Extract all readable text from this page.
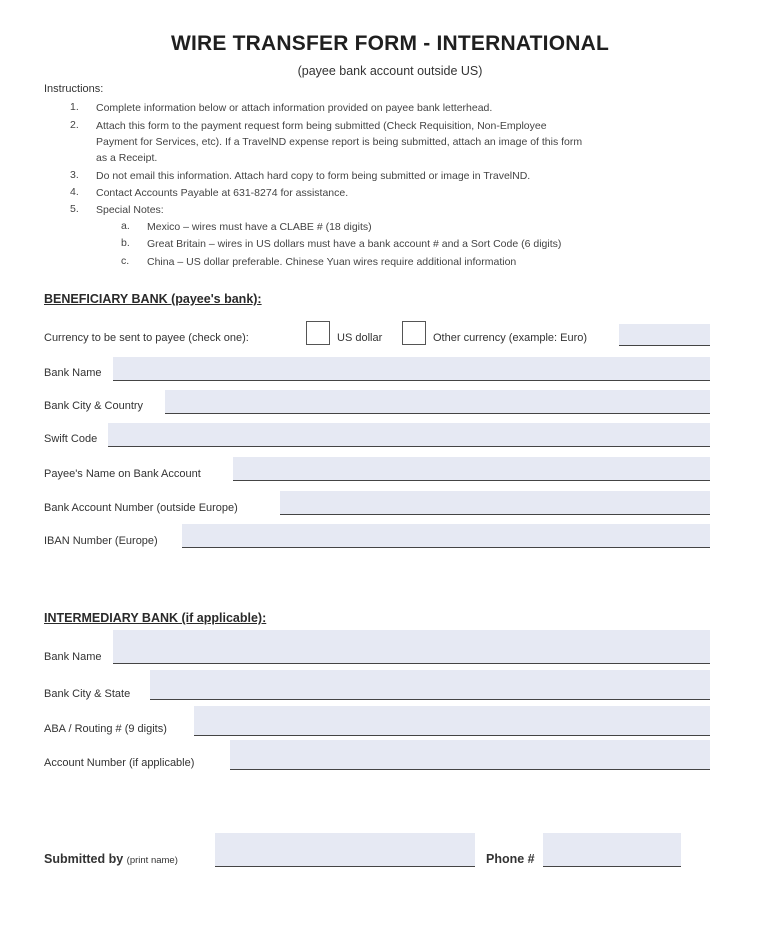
WIRE TRANSFER FORM - INTERNATIONAL
(payee bank account outside US)
Instructions:
1. Complete information below or attach information provided on payee bank letterhead.
2. Attach this form to the payment request form being submitted (Check Requisition, Non-Employee
Payment for Services, etc). If a TravelND expense report is being submitted, attach an image of this form
as a Receipt.
3. Do not email this information. Attach hard copy to form being submitted or image in TravelND.
4. Contact Accounts Payable at 631-8274 for assistance.
5. Special Notes:
a. Mexico – wires must have a CLABE # (18 digits)
b. Great Britain – wires in US dollars must have a bank account # and a Sort Code (6 digits)
c. China – US dollar preferable. Chinese Yuan wires require additional information
BENEFICIARY BANK (payee's bank):
Currency to be sent to payee (check one):	US dollar	Other currency (example: Euro)
Bank Name
Bank City & Country
Swift Code
Payee's Name on Bank Account
Bank Account Number (outside Europe)
IBAN Number (Europe)
INTERMEDIARY BANK (if applicable):
Bank Name
Bank City & State
ABA / Routing # (9 digits)
Account Number (if applicable)
Submitted by (print name)	Phone #
